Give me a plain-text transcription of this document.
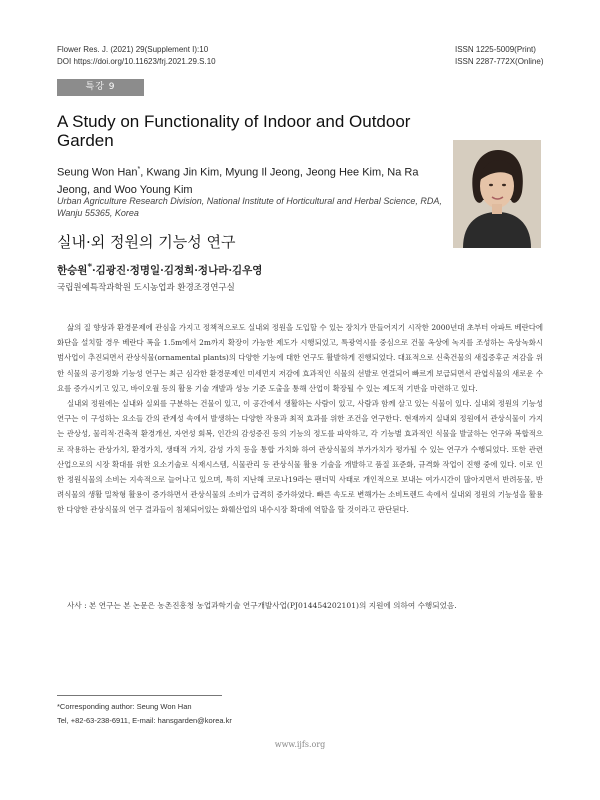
Flower Res. J. (2021) 29(Supplement I):10
DOI https://doi.org/10.11623/frj.2021.29.S.10
ISSN 1225-5009(Print)
ISSN 2287-772X(Online)
특강 9
A Study on Functionality of Indoor and Outdoor Garden
Seung Won Han*, Kwang Jin Kim, Myung Il Jeong, Jeong Hee Kim, Na Ra Jeong, and Woo Young Kim
Urban Agriculture Research Division, National Institute of Horticultural and Herbal Science, RDA, Wanju 55365, Korea
실내·외 정원의 기능성 연구
한승원*·김광진·정명일·김정희·정나라·김우영
국립원예특작과학원 도시농업과 환경조경연구실

삶의 질 향상과 환경문제에 관심을 가지고 정책적으로도 실내외 정원을 도입할 수 있는 장치가 만들어지기 시작한 2000년대 초부터 아파트 베란다에 화단을 설치할 경우 베란다 폭을 1.5m에서 2m까지 확장이 가능한 제도가 시행되었고, 특광역시를 중심으로 건물 옥상에 녹지를 조성하는 옥상녹화시범사업이 추진되면서 관상식물(ornamental plants)의 다양한 기능에 대한 연구도 활발하게 진행되었다. 대표적으로 신축건물의 새집증후군 저감을 위한 식물의 공기정화 기능성 연구는 최근 심각한 환경문제인 미세먼지 저감에 효과적인 식물의 선발로 연결되어 빠르게 보급되면서 관엽식물의 새로운 수요를 증가시키고 있고, 바이오월 등의 활용 기술 개발과 성능 기준 도출을 통해 산업이 확장될 수 있는 제도적 기반을 마련하고 있다.

실내외 정원에는 실내와 실외를 구분하는 건물이 있고, 이 공간에서 생활하는 사람이 있고, 사람과 함께 살고 있는 식물이 있다. 실내외 정원의 기능성 연구는 이 구성하는 요소들 간의 관계성 속에서 발생하는 다양한 작용과 최적 효과를 위한 조건을 연구한다. 현재까지 실내외 정원에서 관상식물이 가지는 관상성, 물리적·건축적 환경개선, 자연성 회복, 인간의 감성증진 등의 기능의 정도를 파악하고, 각 기능별 효과적인 식물을 발굴하는 연구와 복합적으로 작용하는 관상가치, 환경가치, 생태적 가치, 감성 가치 등을 통합 가치화 하여 관상식물의 부가가치가 평가될 수 있는 연구가 수행되었다. 또한 관련 산업으로의 시장 확대를 위한 요소기술로 식재시스템, 식물관리 등 관상식물 활용 기술을 개발하고 품질 표준화, 규격화 작업이 진행 중에 있다. 이로 인한 정원식물의 소비는 지속적으로 늘어나고 있으며, 특히 지난해 코로나19라는 팬더믹 사태로 개인적으로 보내는 여가시간이 많아지면서 반려동물, 반려식물의 생활 밀착형 활용이 증가하면서 관상식물의 소비가 급격히 증가하였다. 빠른 속도로 변해가는 소비트렌드 속에서 실내외 정원의 기능성을 활용한 다양한 관상식물의 연구 결과들이 침체되어있는 화훼산업의 내수시장 확대에 역할을 할 것이라고 판단된다.

사사 : 본 연구는 본 논문은 농촌진흥청 농업과학기술 연구개발사업(PJ014454202101)의 지원에 의하여 수행되었음.
*Corresponding author: Seung Won Han
Tel, +82-63-238-6911, E-mail: hansgarden@korea.kr
www.ijfs.org
